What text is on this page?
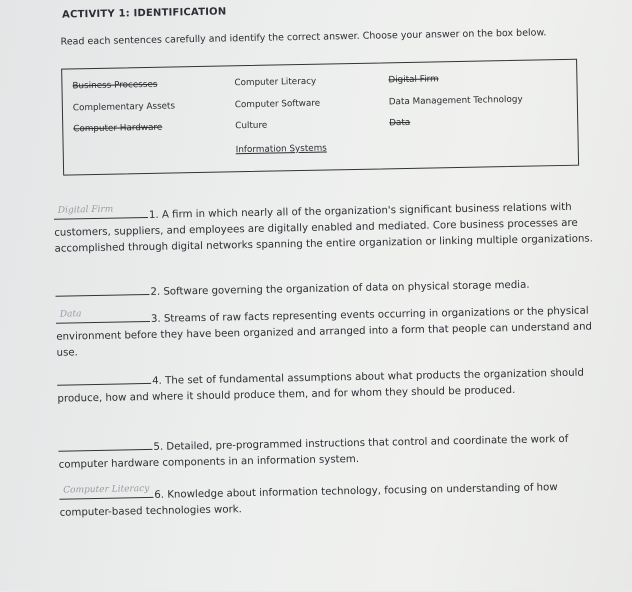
ACTIVITY 1: IDENTIFICATION
Read each sentences carefully and identify the correct answer. Choose your answer on the box below.
Business Processes
Complementary Assets
Computer Hardware
Computer Literacy
Computer Software
Culture
Information Systems
Digital Firm
Data Management Technology
Data
Digital Firm	1. A firm in which nearly all of the organization's significant business relations with customers, suppliers, and employees are digitally enabled and mediated. Core business processes are accomplished through digital networks spanning the entire organization or linking multiple organizations.
2. Software governing the organization of data on physical storage media.
Data	3. Streams of raw facts representing events occurring in organizations or the physical environment before they have been organized and arranged into a form that people can understand and use.
4. The set of fundamental assumptions about what products the organization should produce, how and where it should produce them, and for whom they should be produced.
5. Detailed, pre-programmed instructions that control and coordinate the work of computer hardware components in an information system.
Computer Literacy 6. Knowledge about information technology, focusing on understanding of how computer-based technologies work.
